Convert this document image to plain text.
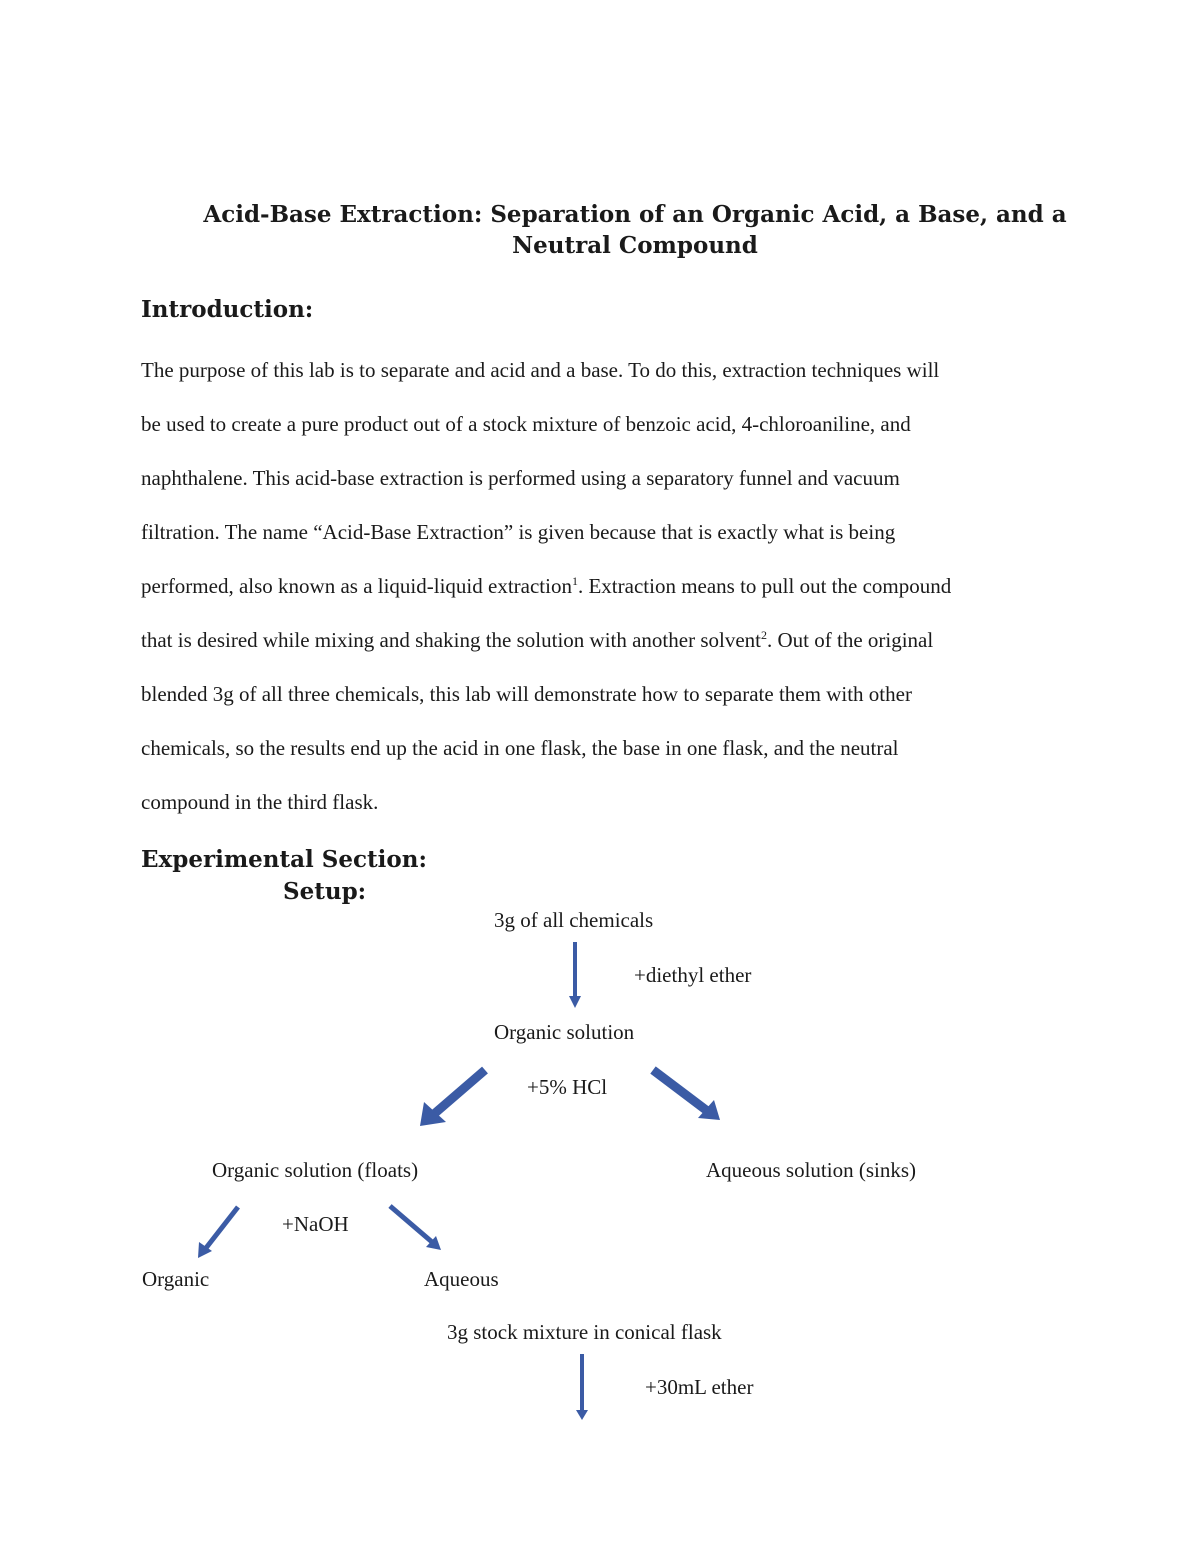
Acid-Base Extraction: Separation of an Organic Acid, a Base, and a
Neutral Compound
Introduction:
The purpose of this lab is to separate and acid and a base. To do this, extraction techniques will
be used to create a pure product out of a stock mixture of benzoic acid, 4-chloroaniline, and
naphthalene. This acid-base extraction is performed using a separatory funnel and vacuum
filtration. The name “Acid-Base Extraction” is given because that is exactly what is being
performed, also known as a liquid-liquid extraction$^1$. Extraction means to pull out the compound
that is desired while mixing and shaking the solution with another solvent$^2$. Out of the original
blended 3g of all three chemicals, this lab will demonstrate how to separate them with other
chemicals, so the results end up the acid in one flask, the base in one flask, and the neutral
compound in the third flask.
Experimental Section:
Setup:
3g of all chemicals
+diethyl ether
Organic solution
+5% HCl
Organic solution (floats)	Aqueous solution (sinks)
+NaOH
Organic	Aqueous
3g stock mixture in conical flask
+30mL ether
